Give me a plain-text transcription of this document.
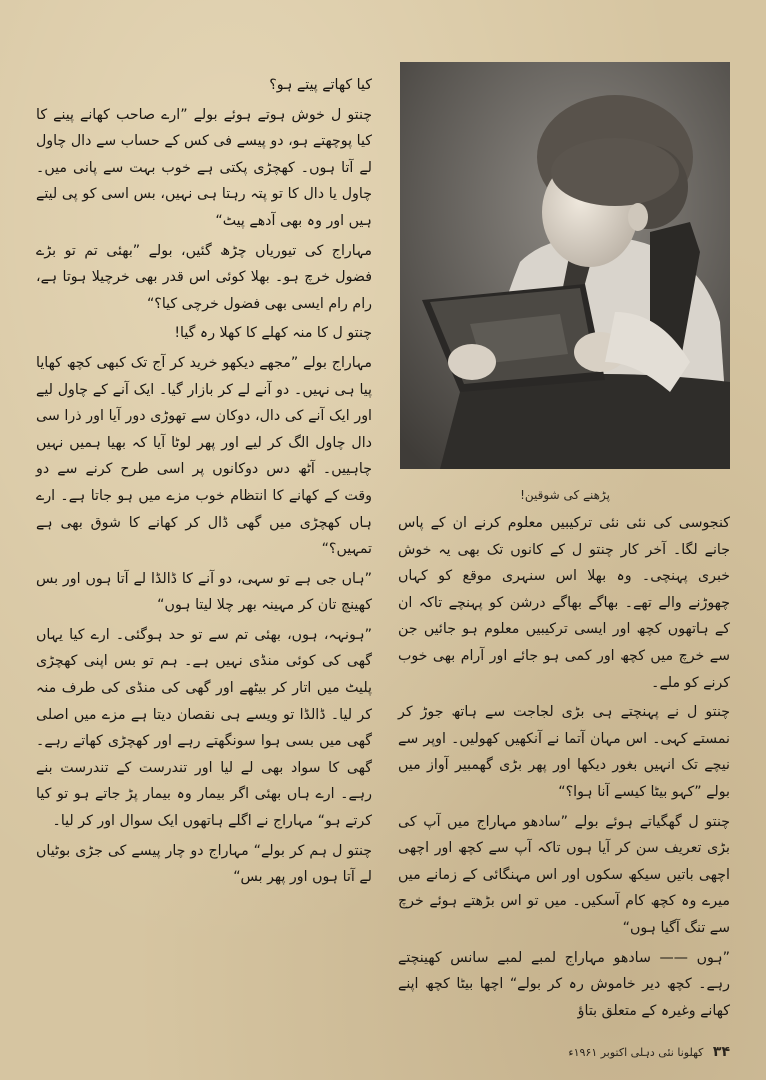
کیا کھاتے پیتے ہو؟

چنتو ل خوش ہوتے ہوئے بولے ”ارے صاحب کھانے پینے کا کیا پوچھتے ہو، دو پیسے فی کس کے حساب سے دال چاول لے آتا ہوں۔ کھچڑی پکتی ہے خوب بہت سے پانی میں۔ چاول یا دال کا تو پتہ رہتا ہی نہیں، بس اسی کو پی لیتے ہیں اور وہ بھی آدھے پیٹ“

مہاراج کی تیوریاں چڑھ گئیں، بولے ”بھئی تم تو بڑے فضول خرچ ہو۔ بھلا کوئی اس قدر بھی خرچیلا ہوتا ہے، رام رام ایسی بھی فضول خرچی کیا؟“

چنتو ل کا منہ کھلے کا کھلا رہ گیا!

مہاراج بولے ”مجھے دیکھو خرید کر آج تک کبھی کچھ کھایا پیا ہی نہیں۔ دو آنے لے کر بازار گیا۔ ایک آنے کے چاول لیے اور ایک آنے کی دال، دوکان سے تھوڑی دور آیا اور ذرا سی دال چاول الگ کر لیے اور پھر لوٹا آیا کہ بھیا ہمیں نہیں چاہییں۔ آٹھ دس دوکانوں پر اسی طرح کرنے سے دو وقت کے کھانے کا انتظام خوب مزے میں ہو جاتا ہے۔ ارے ہاں کھچڑی میں گھی ڈال کر کھانے کا شوق بھی ہے تمہیں؟“

”ہاں جی ہے تو سہی، دو آنے کا ڈالڈا لے آتا ہوں اور بس کھینچ تان کر مہینہ بھر چلا لیتا ہوں“

”ہونہہ، ہوں، بھئی تم سے تو حد ہوگئی۔ ارے کیا یہاں گھی کی کوئی منڈی نہیں ہے۔ ہم تو بس اپنی کھچڑی پلیٹ میں اتار کر بیٹھے اور گھی کی منڈی کی طرف منہ کر لیا۔ ڈالڈا تو ویسے ہی نقصان دیتا ہے مزے میں اصلی گھی میں بسی ہوا سونگھتے رہے اور کھچڑی کھاتے رہے۔ گھی کا سواد بھی لے لیا اور تندرست کے تندرست بنے رہے۔ ارے ہاں بھئی اگر بیمار وہ بیمار پڑ جاتے ہو تو کیا کرتے ہو“ مہاراج نے اگلے ہاتھوں ایک سوال اور کر لیا۔

چنتو ل ہم کر بولے“ مہاراج دو چار پیسے کی جڑی بوٹیاں لے آتا ہوں اور پھر بس“

پڑھنے کی شوقین!

کنجوسی کی نئی نئی ترکیبیں معلوم کرنے ان کے پاس جانے لگا۔ آخر کار چنتو ل کے کانوں تک بھی یہ خوش خبری پہنچی۔ وہ بھلا اس سنہری موقع کو کہاں چھوڑنے والے تھے۔ بھاگے بھاگے درشن کو پہنچے تاکہ ان کے ہاتھوں کچھ اور ایسی ترکیبیں معلوم ہو جائیں جن سے خرچ میں کچھ اور کمی ہو جائے اور آرام بھی خوب کرنے کو ملے۔

چنتو ل نے پہنچتے ہی بڑی لجاجت سے ہاتھ جوڑ کر نمستے کہی۔ اس مہان آتما نے آنکھیں کھولیں۔ اوپر سے نیچے تک انہیں بغور دیکھا اور پھر بڑی گھمبیر آواز میں بولے ”کہو بیٹا کیسے آنا ہوا؟“

چنتو ل گھگیاتے ہوئے بولے ”سادھو مہاراج میں آپ کی بڑی تعریف سن کر آیا ہوں تاکہ آپ سے کچھ اور اچھی اچھی باتیں سیکھ سکوں اور اس مہنگائی کے زمانے میں میرے وہ کچھ کام آسکیں۔ میں تو اس بڑھتے ہوئے خرچ سے تنگ آگیا ہوں“

”ہوں —— سادھو مہاراج لمبے لمبے سانس کھینچتے رہے۔ کچھ دیر خاموش رہ کر بولے“ اچھا بیٹا کچھ اپنے کھانے وغیرہ کے متعلق بتاؤ

۳۴ کھلونا نئی دہلی اکتوبر ۱۹۶۱ء
